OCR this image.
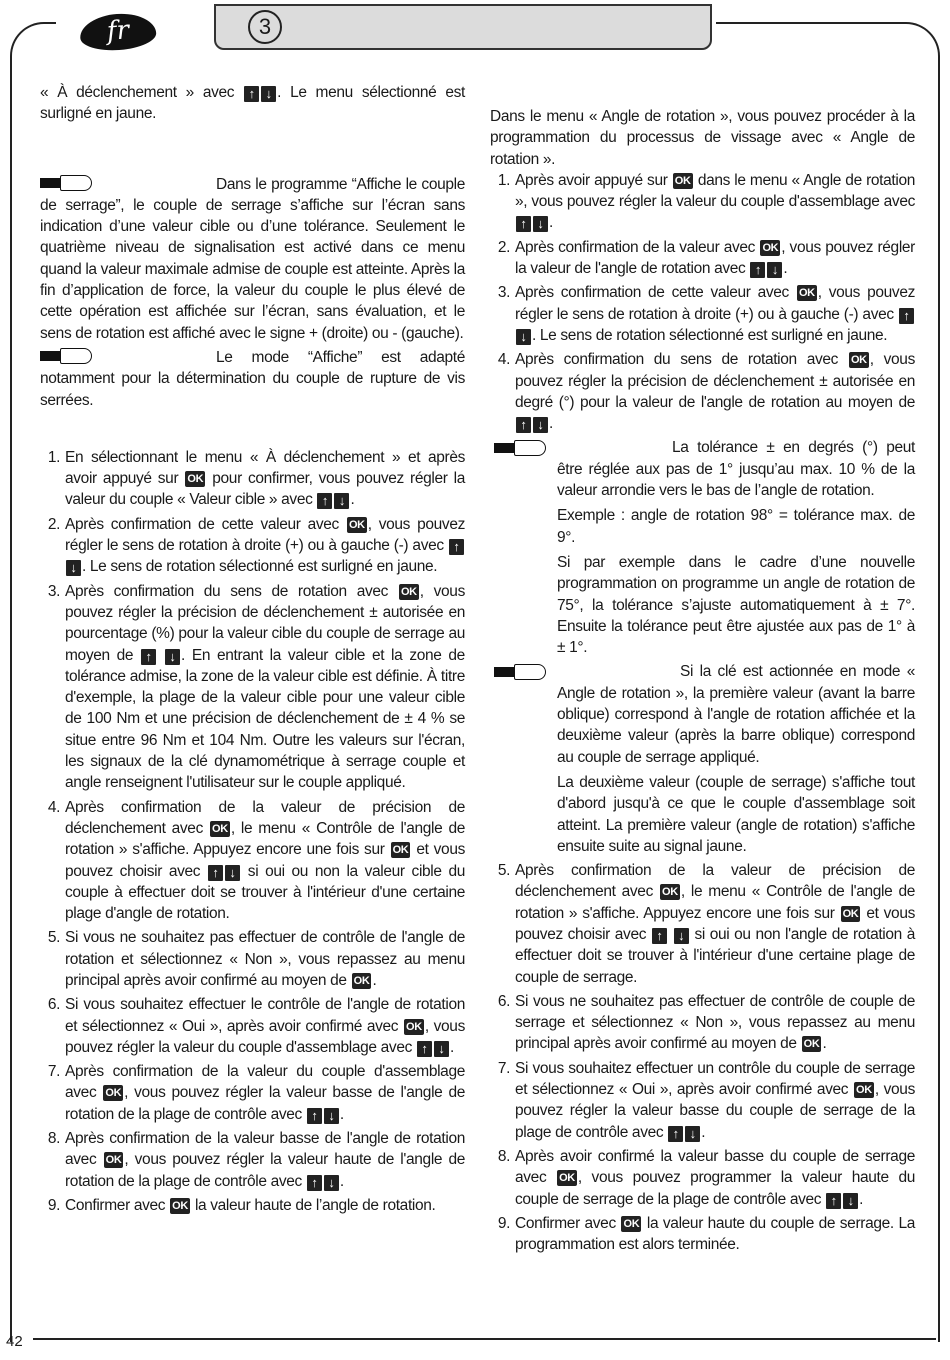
fr	3

« À déclenchement » avec ↑ ↓ . Le menu sélectionné est surligné en jaune.

Dans le programme “Affiche le couple de serrage”, le couple de serrage s’affiche sur l’écran sans indication d’une valeur cible ou d’une tolérance. Seulement le quatrième niveau de signalisation est activé dans ce menu quand la valeur maximale admise de couple est atteinte. Après la fin d’application de force, la valeur du couple le plus élevé de cette opération est affichée sur l’écran, sans évaluation, et le sens de rotation est affiché avec le signe + (droite) ou - (gauche).

Le mode “Affiche” est adapté notamment pour la détermination du couple de rupture de vis serrées.

1. En sélectionnant le menu « À déclenchement » et après avoir appuyé sur OK pour confirmer, vous pouvez régler la valeur du couple « Valeur cible » avec ↑ ↓ .
2. Après confirmation de cette valeur avec OK , vous pouvez régler le sens de rotation à droite (+) ou à gauche (-) avec ↑ ↓ . Le sens de rotation sélectionné est surligné en jaune.
3. Après confirmation du sens de rotation avec OK , vous pouvez régler la précision de déclenchement ± autorisée en pourcentage (%) pour la valeur cible du couple de serrage au moyen de ↑ ↓ . En entrant la valeur cible et la zone de tolérance admise, la zone de la valeur cible est définie. À titre d'exemple, la plage de la valeur cible pour une valeur cible de 100 Nm et une précision de déclenchement de ± 4 % se situe entre 96 Nm et 104 Nm. Outre les valeurs sur l'écran, les signaux de la clé dynamométrique à serrage couple et angle renseignent l'utilisateur sur le couple appliqué.
4. Après confirmation de la valeur de précision de déclenchement avec OK , le menu « Contrôle de l'angle de rotation » s'affiche. Appuyez encore une fois sur OK et vous pouvez choisir avec ↑ ↓ si oui ou non la valeur cible du couple à effectuer doit se trouver à l'intérieur d'une certaine plage d'angle de rotation.
5. Si vous ne souhaitez pas effectuer de contrôle de l'angle de rotation et sélectionnez « Non », vous repassez au menu principal après avoir confirmé au moyen de OK .
6. Si vous souhaitez effectuer le contrôle de l'angle de rotation et sélectionnez « Oui », après avoir confirmé avec OK , vous pouvez régler la valeur du couple d'assemblage avec ↑ ↓ .
7. Après confirmation de la valeur du couple d'assemblage avec OK , vous pouvez régler la valeur basse de l'angle de rotation de la plage de contrôle avec ↑ ↓ .
8. Après confirmation de la valeur basse de l'angle de rotation avec OK , vous pouvez régler la valeur haute de l'angle de rotation de la plage de contrôle avec ↑ ↓ .
9. Confirmer avec OK la valeur haute de l’angle de rotation.

Dans le menu « Angle de rotation », vous pouvez procéder à la programmation du processus de vissage avec « Angle de rotation ».

1. Après avoir appuyé sur OK dans le menu « Angle de rotation », vous pouvez régler la valeur du couple d'assemblage avec ↑ ↓ .
2. Après confirmation de la valeur avec OK , vous pouvez régler la valeur de l'angle de rotation avec ↑ ↓ .
3. Après confirmation de cette valeur avec OK , vous pouvez régler le sens de rotation à droite (+) ou à gauche (-) avec ↑ ↓ . Le sens de rotation sélectionné est surligné en jaune.
4. Après confirmation du sens de rotation avec OK , vous pouvez régler la précision de déclenchement ± autorisée en degré (°) pour la valeur de l'angle de rotation au moyen de ↑ ↓ .

La tolérance ± en degrés (°) peut être réglée aux pas de 1° jusqu’au max. 10 % de la valeur arrondie vers le bas de l’angle de rotation.

Exemple : angle de rotation 98° = tolérance max. de 9°.

Si par exemple dans le cadre d’une nouvelle programmation on programme un angle de rotation de 75°, la tolérance s’ajuste automatiquement à ± 7°. Ensuite la tolérance peut être ajustée aux pas de 1° à ± 1°.

Si la clé est actionnée en mode « Angle de rotation », la première valeur (avant la barre oblique) correspond à l'angle de rotation affichée et la deuxième valeur (après la barre oblique) correspond au couple de serrage appliqué.

La deuxième valeur (couple de serrage) s'affiche tout d'abord jusqu'à ce que le couple d'assemblage soit atteint. La première valeur (angle de rotation) s'affiche ensuite suite au signal jaune.

5. Après confirmation de la valeur de précision de déclenchement avec OK , le menu « Contrôle de l'angle de rotation » s'affiche. Appuyez encore une fois sur OK et vous pouvez choisir avec ↑ ↓ si oui ou non l'angle de rotation à effectuer doit se trouver à l'intérieur d'une certaine plage de couple de serrage.
6. Si vous ne souhaitez pas effectuer de contrôle de couple de serrage et sélectionnez « Non », vous repassez au menu principal après avoir confirmé au moyen de OK .
7. Si vous souhaitez effectuer un contrôle du couple de serrage et sélectionnez « Oui », après avoir confirmé avec OK , vous pouvez régler la valeur basse du couple de serrage de la plage de contrôle avec ↑ ↓ .
8. Après avoir confirmé la valeur basse du couple de serrage avec OK , vous pouvez programmer la valeur haute du couple de serrage de la plage de contrôle avec ↑ ↓ .
9. Confirmer avec OK la valeur haute du couple de serrage. La programmation est alors terminée.
42
